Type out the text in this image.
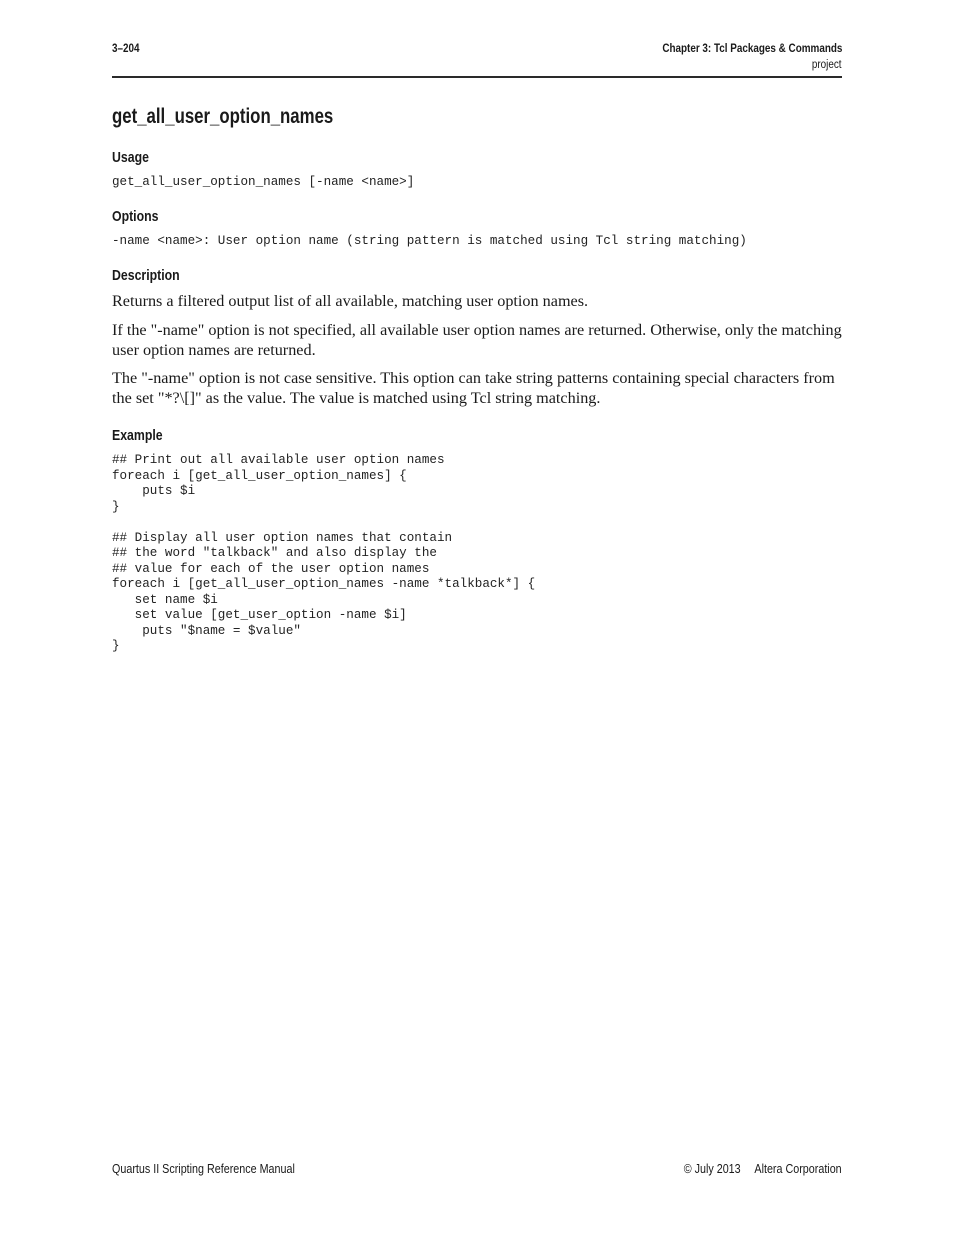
3–204	Chapter 3: Tcl Packages & Commands
project
get_all_user_option_names
Usage
get_all_user_option_names [-name <name>]
Options
-name <name>: User option name (string pattern is matched using Tcl string matching)
Description
Returns a filtered output list of all available, matching user option names.
If the "-name" option is not specified, all available user option names are returned. Otherwise, only the matching user option names are returned.
The "-name" option is not case sensitive. This option can take string patterns containing special characters from the set "*?\[]" as the value. The value is matched using Tcl string matching.
Example
## Print out all available user option names
foreach i [get_all_user_option_names] {
puts $i
}

## Display all user option names that contain
## the word "talkback" and also display the
## value for each of the user option names
foreach i [get_all_user_option_names -name *talkback*] {
set name $i
set value [get_user_option -name $i]
puts "$name = $value"
}
Quartus II Scripting Reference Manual	© July 2013 Altera Corporation
